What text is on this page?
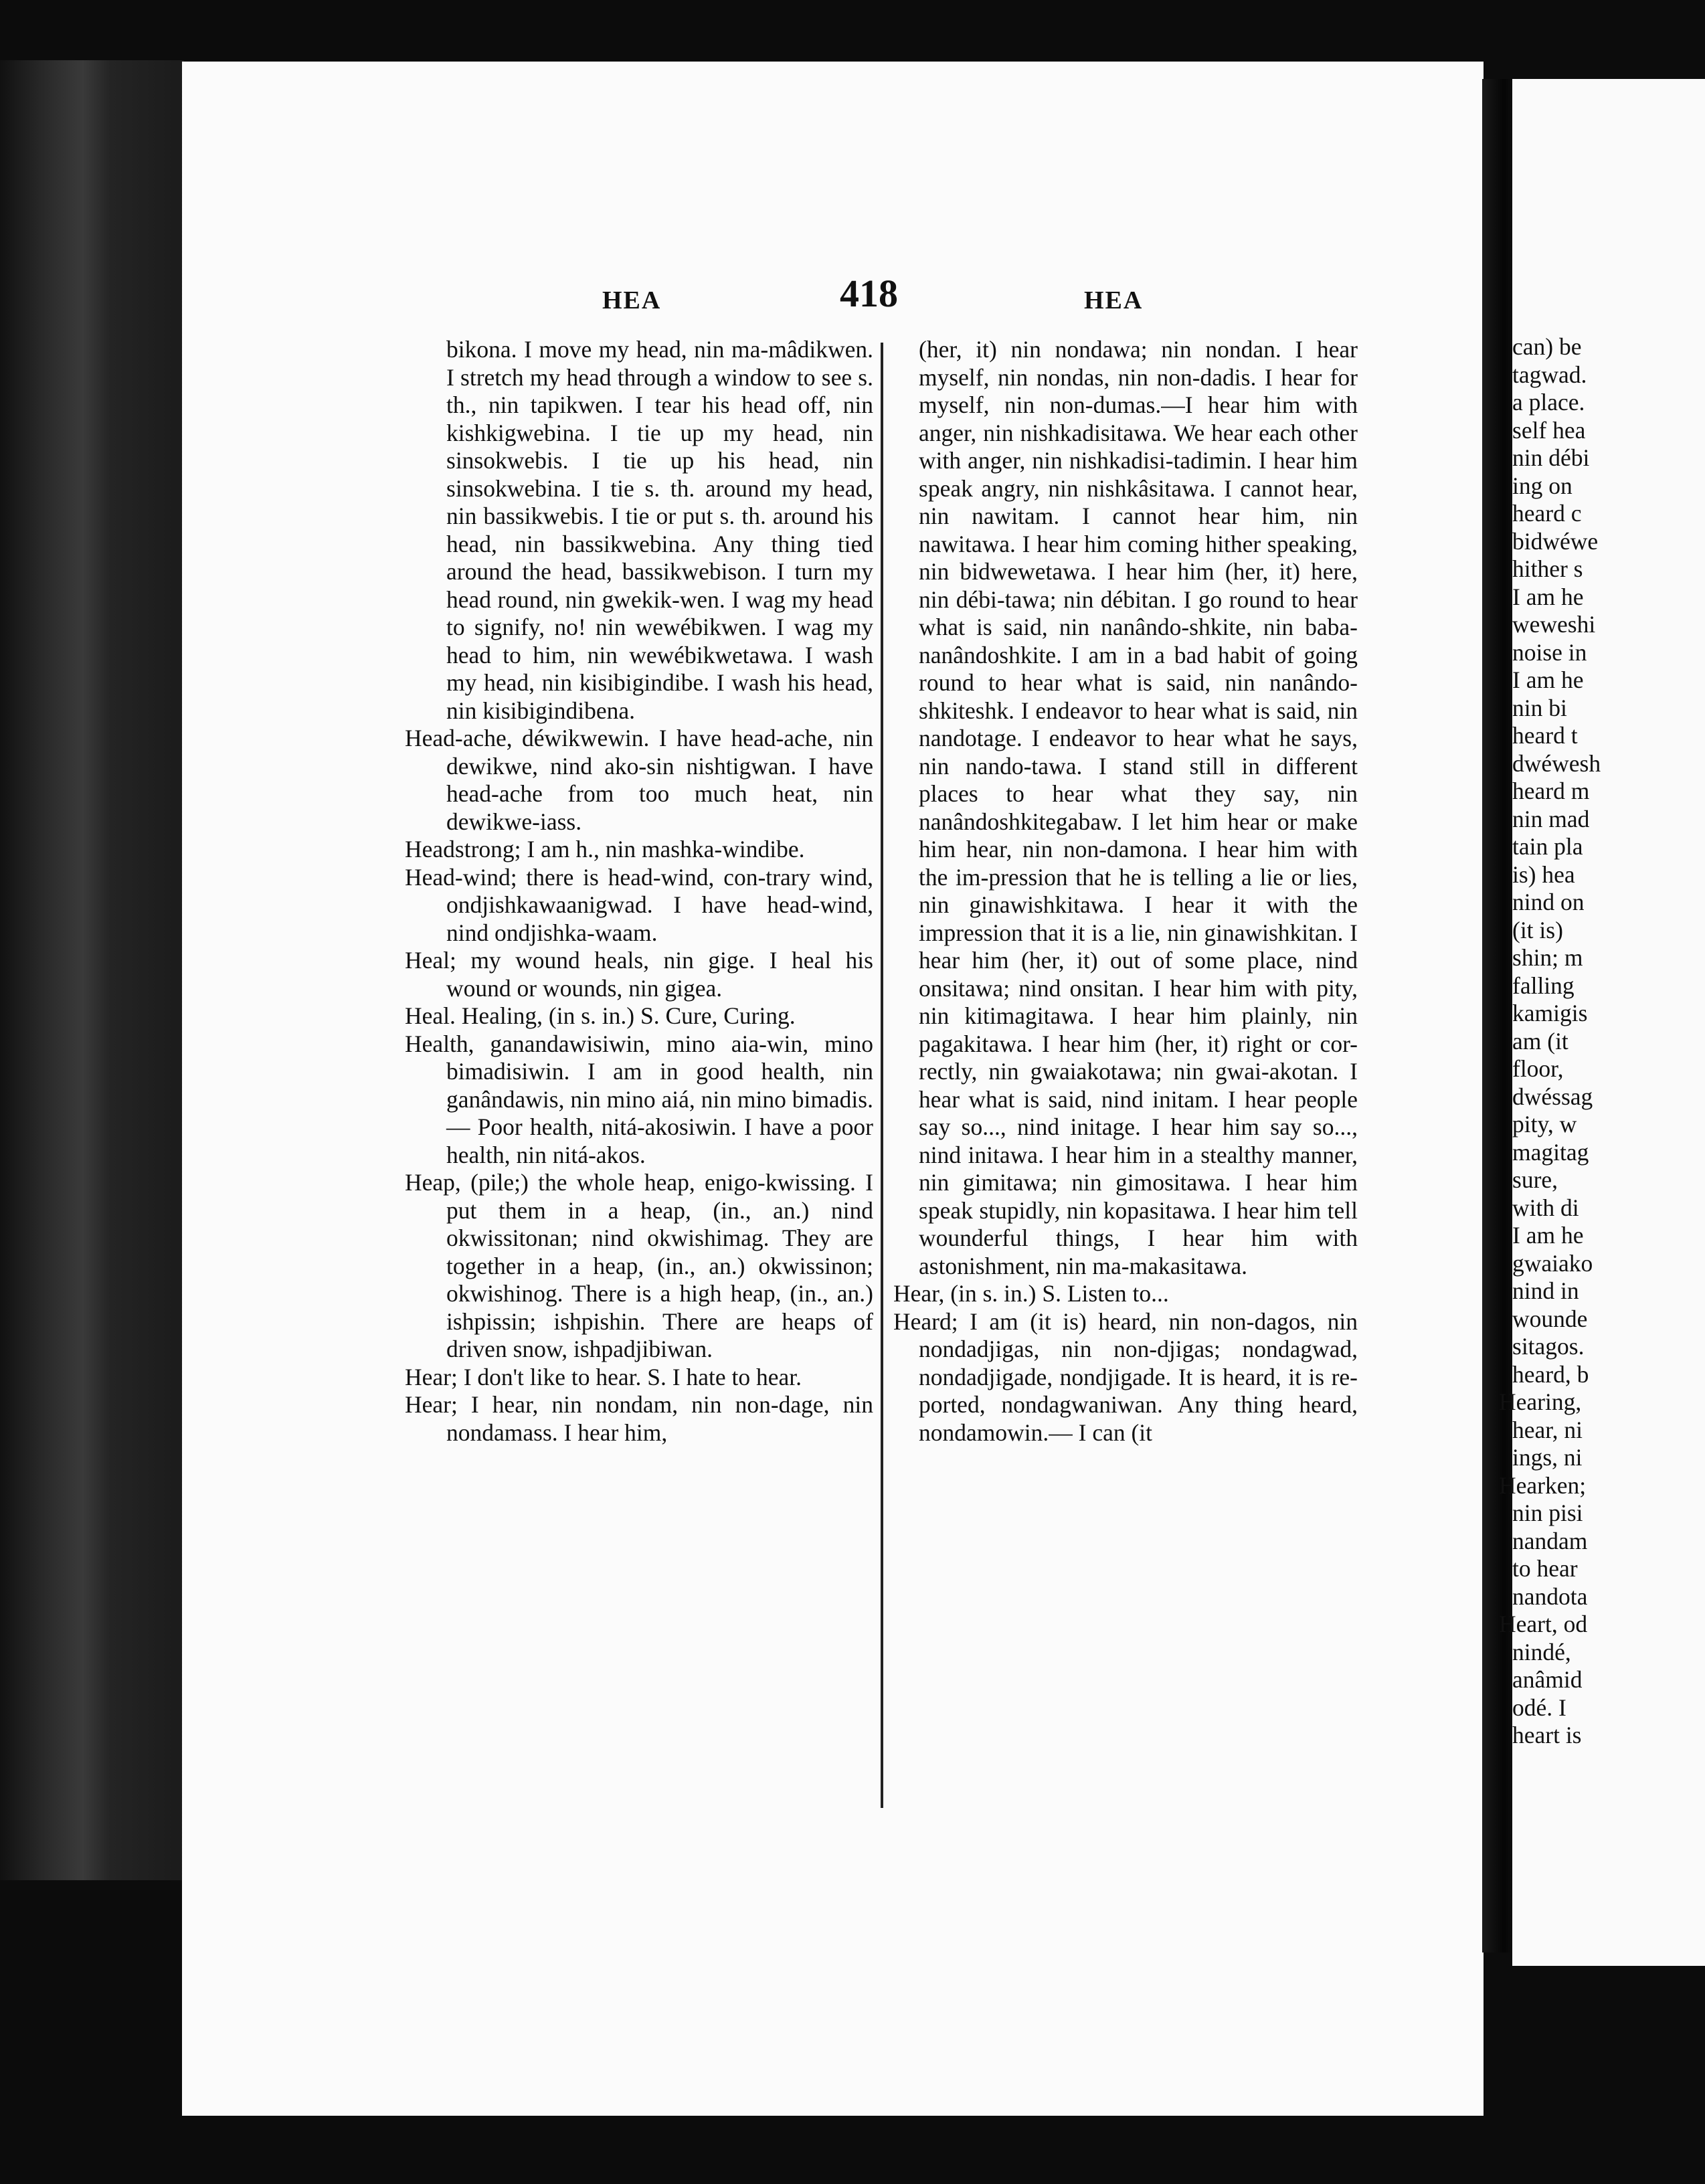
HEA	418	HEA
bikona. I move my head, nin ma-mâdikwen. I stretch my head through a window to see s. th., nin tapikwen. I tear his head off, nin kishkigwebina. I tie up my head, nin sinsokwebis. I tie up his head, nin sinsokwebina. I tie s. th. around my head, nin bassikwebis. I tie or put s. th. around his head, nin bassikwebina. Any thing tied around the head, bassikwebison. I turn my head round, nin gwekik-wen. I wag my head to signify, no! nin wewébikwen. I wag my head to him, nin wewébikwetawa. I wash my head, nin kisibigindibe. I wash his head, nin kisibigindibena.
Head-ache, déwikwewin. I have head-ache, nin dewikwe, nind ako-sin nishtigwan. I have head-ache from too much heat, nin dewikwe-iass.
Headstrong; I am h., nin mashka-windibe.
Head-wind; there is head-wind, con-trary wind, ondjishkawaanigwad. I have head-wind, nind ondjishka-waam.
Heal; my wound heals, nin gige. I heal his wound or wounds, nin gigea.
Heal. Healing, (in s. in.) S. Cure, Curing.
Health, ganandawisiwin, mino aia-win, mino bimadisiwin. I am in good health, nin ganândawis, nin mino aiá, nin mino bimadis.— Poor health, nitá-akosiwin. I have a poor health, nin nitá-akos.
Heap, (pile;) the whole heap, enigo-kwissing. I put them in a heap, (in., an.) nind okwissitonan; nind okwishimag. They are together in a heap, (in., an.) okwissinon; okwishinog. There is a high heap, (in., an.) ishpissin; ishpishin. There are heaps of driven snow, ishpadjibiwan.
Hear; I don't like to hear. S. I hate to hear.
Hear; I hear, nin nondam, nin non-dage, nin nondamass. I hear him,
(her, it) nin nondawa; nin nondan. I hear myself, nin nondas, nin non-dadis. I hear for myself, nin non-dumas.—I hear him with anger, nin nishkadisitawa. We hear each other with anger, nin nishkadisi-tadimin. I hear him speak angry, nin nishkâsitawa. I cannot hear, nin nawitam. I cannot hear him, nin nawitawa. I hear him coming hither speaking, nin bidwewetawa. I hear him (her, it) here, nin débi-tawa; nin débitan. I go round to hear what is said, nin nanândo-shkite, nin baba-nanândoshkite. I am in a bad habit of going round to hear what is said, nin nanândo-shkiteshk. I endeavor to hear what is said, nin nandotage. I endeavor to hear what he says, nin nando-tawa. I stand still in different places to hear what they say, nin nanândoshkitegabaw. I let him hear or make him hear, nin non-damona. I hear him with the im-pression that he is telling a lie or lies, nin ginawishkitawa. I hear it with the impression that it is a lie, nin ginawishkitan. I hear him (her, it) out of some place, nind onsitawa; nind onsitan. I hear him with pity, nin kitimagitawa. I hear him plainly, nin pagakitawa. I hear him (her, it) right or cor-rectly, nin gwaiakotawa; nin gwai-akotan. I hear what is said, nind initam. I hear people say so..., nind initage. I hear him say so..., nind initawa. I hear him in a stealthy manner, nin gimitawa; nin gimositawa. I hear him speak stupidly, nin kopasitawa. I hear him tell wounderful things, I hear him with astonishment, nin ma-makasitawa.
Hear, (in s. in.) S. Listen to...
Heard; I am (it is) heard, nin non-dagos, nin nondadjigas, nin non-djigas; nondagwad, nondadjigade, nondjigade. It is heard, it is re-ported, nondagwaniwan. Any thing heard, nondamowin.— I can (it
can) be
tagwad.
a place.
self hea
nin débi
ing on
heard c
bidwéwe
hither s
I am he
weweshi
noise in
I am he
nin bi
heard t
dwéwesh
heard m
nin mad
tain pla
is) hea
nind on
(it is)
shin; m
falling
kamigis
am (it
floor,
dwéssag
pity, w
magitag
sure,
with di
I am he
gwaiako
nind in
wounde
sitagos.
heard, b
Hearing,
hear, ni
ings, ni
Hearken;
nin pisi
nandam
to hear
nandota
Heart, od
nindé,
anâmid
odé. I
heart is
